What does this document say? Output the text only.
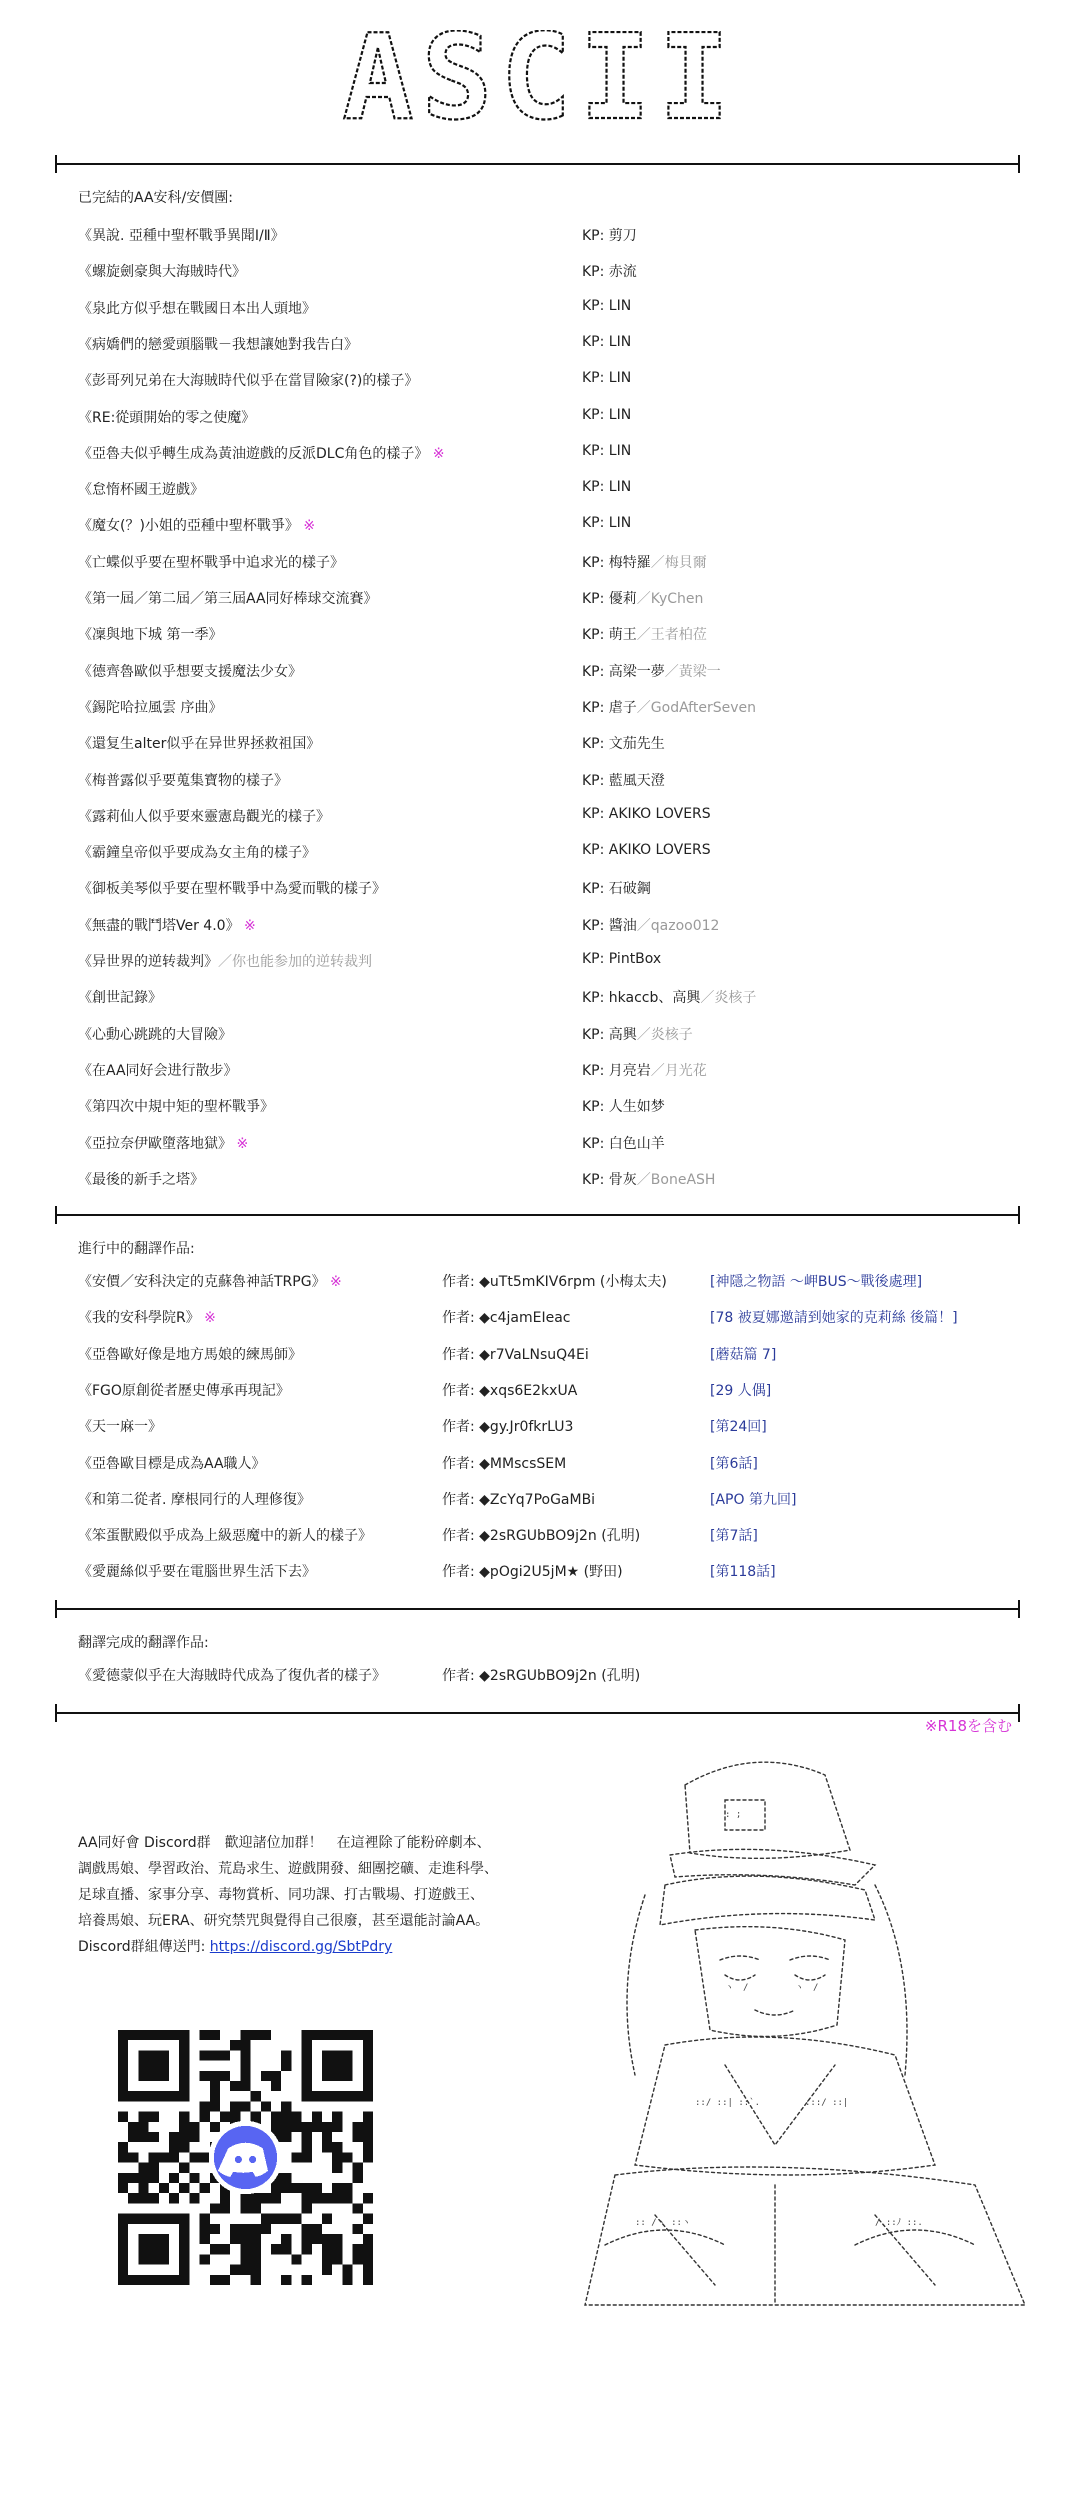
ASCII
已完結的AA安科/安價團:
《異說. 亞種中聖杯戰爭異聞Ⅰ/Ⅱ》	KP: 剪刀
《螺旋劍豪與大海賊時代》	KP: 赤流
《泉此方似乎想在戰國日本出人頭地》	KP: LIN
《病嬌們的戀愛頭腦戰－我想讓她對我告白》	KP: LIN
《彭哥列兄弟在大海賊時代似乎在當冒險家(?)的樣子》	KP: LIN
《RE:從頭開始的零之使魔》	KP: LIN
《亞魯夫似乎轉生成為黃油遊戲的反派DLC角色的樣子》 ※	KP: LIN
《怠惰杯國王遊戲》	KP: LIN
《魔女(？)小姐的亞種中聖杯戰爭》 ※	KP: LIN
《亡蝶似乎要在聖杯戰爭中追求光的樣子》	KP: 梅特羅／梅貝爾
《第一屆／第二屆／第三屆AA同好棒球交流賽》	KP: 優莉／KyChen
《凜與地下城 第一季》	KP: 萌王／王者柏莅
《德齊魯歐似乎想要支援魔法少女》	KP: 高梁一夢／黃梁一
《錫陀哈拉風雲 序曲》	KP: 虐子／GodAfterSeven
《還复生alter似乎在异世界拯救祖国》	KP: 文茄先生
《梅普露似乎要蒐集寶物的樣子》	KP: 藍風天澄
《露莉仙人似乎要來靈憲島觀光的樣子》	KP: AKIKO LOVERS
《霸鐘皇帝似乎要成為女主角的樣子》	KP: AKIKO LOVERS
《御板美琴似乎要在聖杯戰爭中為愛而戰的樣子》	KP: 石破鋼
《無盡的戰鬥塔Ver 4.0》 ※	KP: 醬油／qazoo012
《异世界的逆转裁判》／你也能参加的逆转裁判	KP: PintBox
《創世記錄》	KP: hkaccb、高興／炎核子
《心動心跳跳的大冒險》	KP: 高興／炎核子
《在AA同好会进行散步》	KP: 月亮岩／月光花
《第四次中規中矩的聖杯戰爭》	KP: 人生如梦
《亞拉奈伊歐墮落地獄》 ※	KP: 白色山羊
《最後的新手之塔》	KP: 骨灰／BoneASH
進行中的翻譯作品:
《安價／安科決定的克蘇魯神話TRPG》 ※	作者: ◆uTt5mKIV6rpm (小梅太夫)	[神隱之物語 ～岬BUS～戰後處理]
《我的安科學院R》 ※	作者: ◆c4jamEIeac	[78 被夏娜邀請到她家的克莉絲 後篇！]
《亞魯歐好像是地方馬娘的練馬師》	作者: ◆r7VaLNsuQ4Ei	[蘑菇篇 7]
《FGO原創從者歷史傳承再現記》	作者: ◆xqs6E2kxUA	[29 人偶]
《天一麻一》	作者: ◆gy.Jr0fkrLU3	[第24回]
《亞魯歐目標是成為AA職人》	作者: ◆MMscsSEM	[第6話]
《和第二從者. 摩根同行的人理修復》	作者: ◆ZcYq7PoGaMBi	[APO 第九回]
《笨蛋獸殿似乎成為上級惡魔中的新人的樣子》	作者: ◆2sRGUbBO9j2n (孔明)	[第7話]
《愛麗絲似乎要在電腦世界生活下去》	作者: ◆pOgi2U5jM★ (野田)	[第118話]
翻譯完成的翻譯作品:
《愛德蒙似乎在大海賊時代成為了復仇者的樣子》	作者: ◆2sRGUbBO9j2n (孔明)
※R18を含む

AA同好會 Discord群　歡迎諸位加群！　在這裡除了能粉碎劇本、

調戲馬娘、學習政治、荒島求生、遊戲開發、細團挖礦、走進科學、

足球直播、家事分享、毒物賞析、同功課、打古戰場、打遊戲王、

培養馬娘、玩ERA、研究禁咒與覺得自己很廢，甚至還能討論AA。

Discord群組傳送門: https://discord.gg/SbtPdry

: ;
ヽ　/	ヽ　/
::/ ::| ::`.	:::/ ::|
:: /ヽ ::ヽ	/ ::ﾉ ::.
